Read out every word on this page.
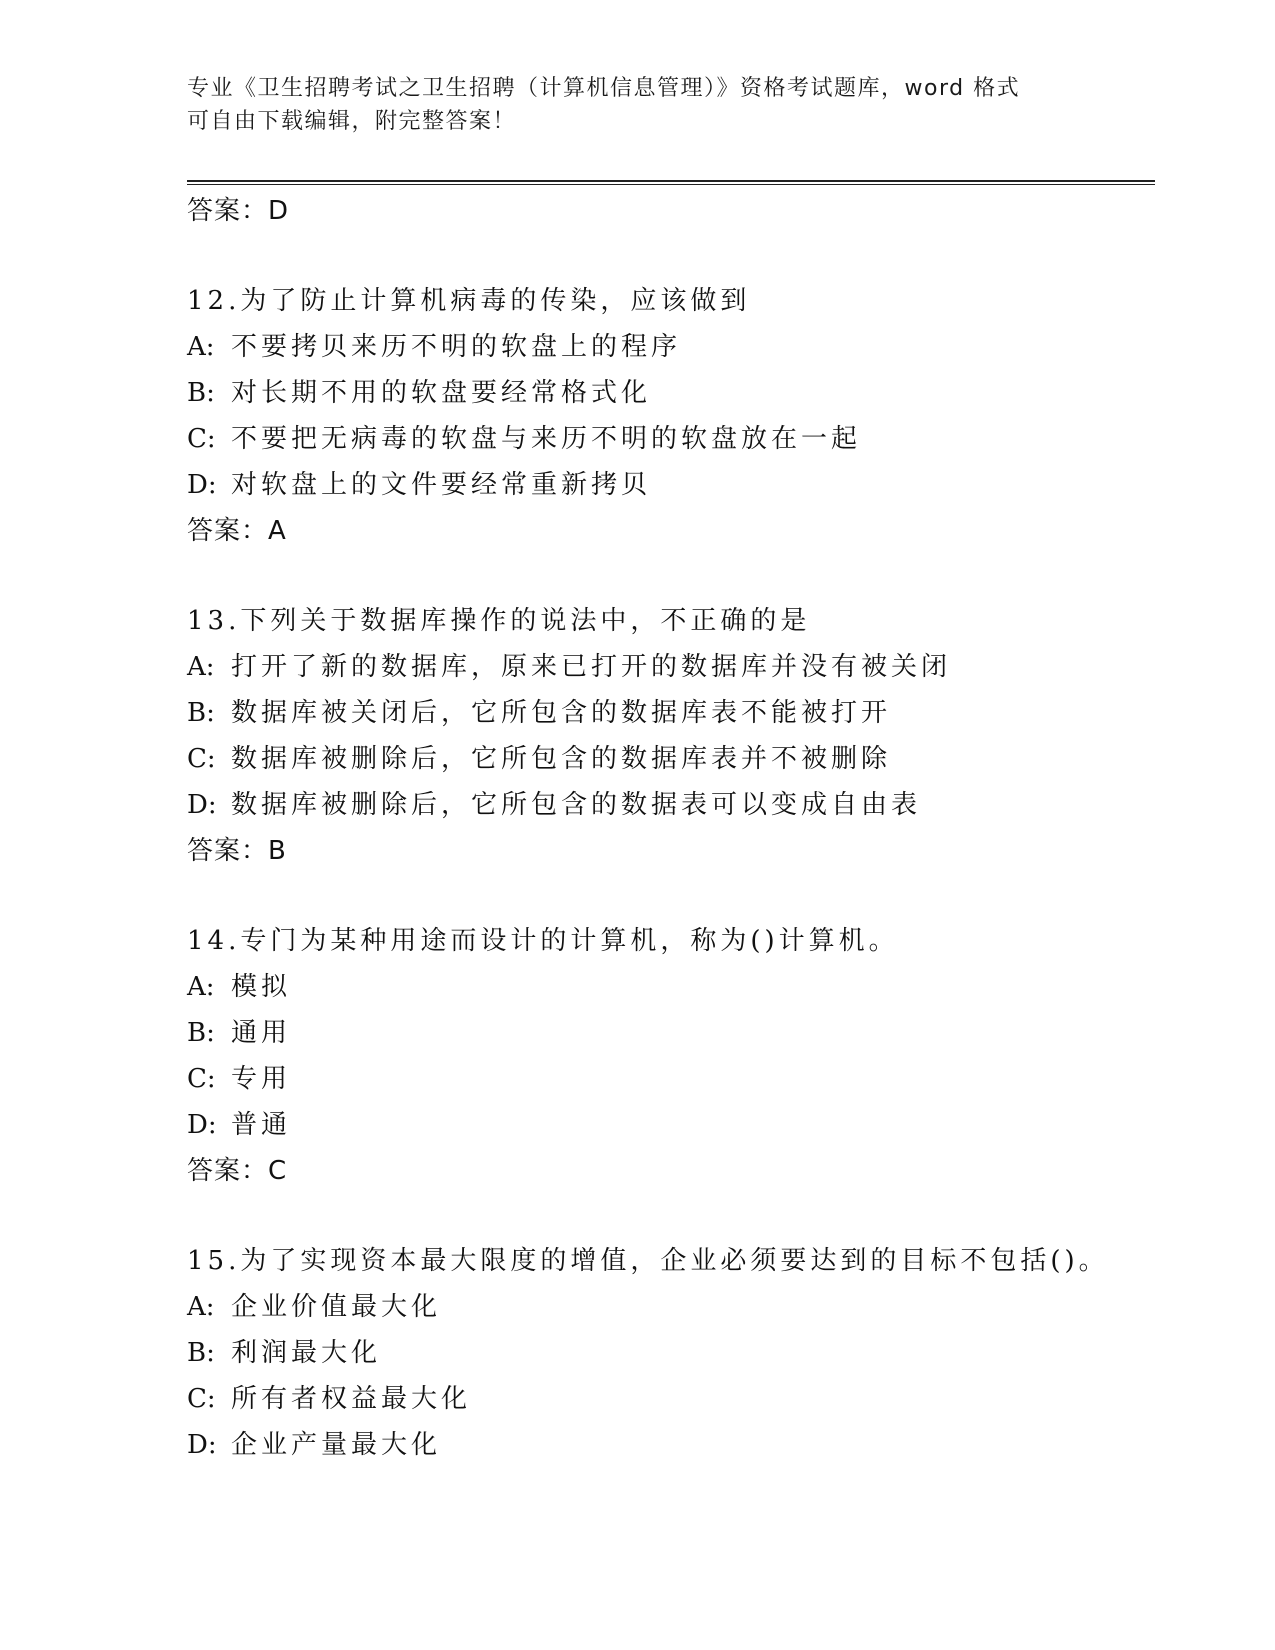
专业《卫生招聘考试之卫生招聘（计算机信息管理）》资格考试题库，word 格式
可自由下载编辑，附完整答案！
答案：D
12.为了防止计算机病毒的传染，应该做到
A: 不要拷贝来历不明的软盘上的程序
B: 对长期不用的软盘要经常格式化
C: 不要把无病毒的软盘与来历不明的软盘放在一起
D: 对软盘上的文件要经常重新拷贝
答案：A
13.下列关于数据库操作的说法中，不正确的是
A: 打开了新的数据库，原来已打开的数据库并没有被关闭
B: 数据库被关闭后，它所包含的数据库表不能被打开
C: 数据库被删除后，它所包含的数据库表并不被删除
D: 数据库被删除后，它所包含的数据表可以变成自由表
答案：B
14.专门为某种用途而设计的计算机，称为()计算机。
A: 模拟
B: 通用
C: 专用
D: 普通
答案：C
15.为了实现资本最大限度的增值，企业必须要达到的目标不包括()。
A: 企业价值最大化
B: 利润最大化
C: 所有者权益最大化
D: 企业产量最大化
